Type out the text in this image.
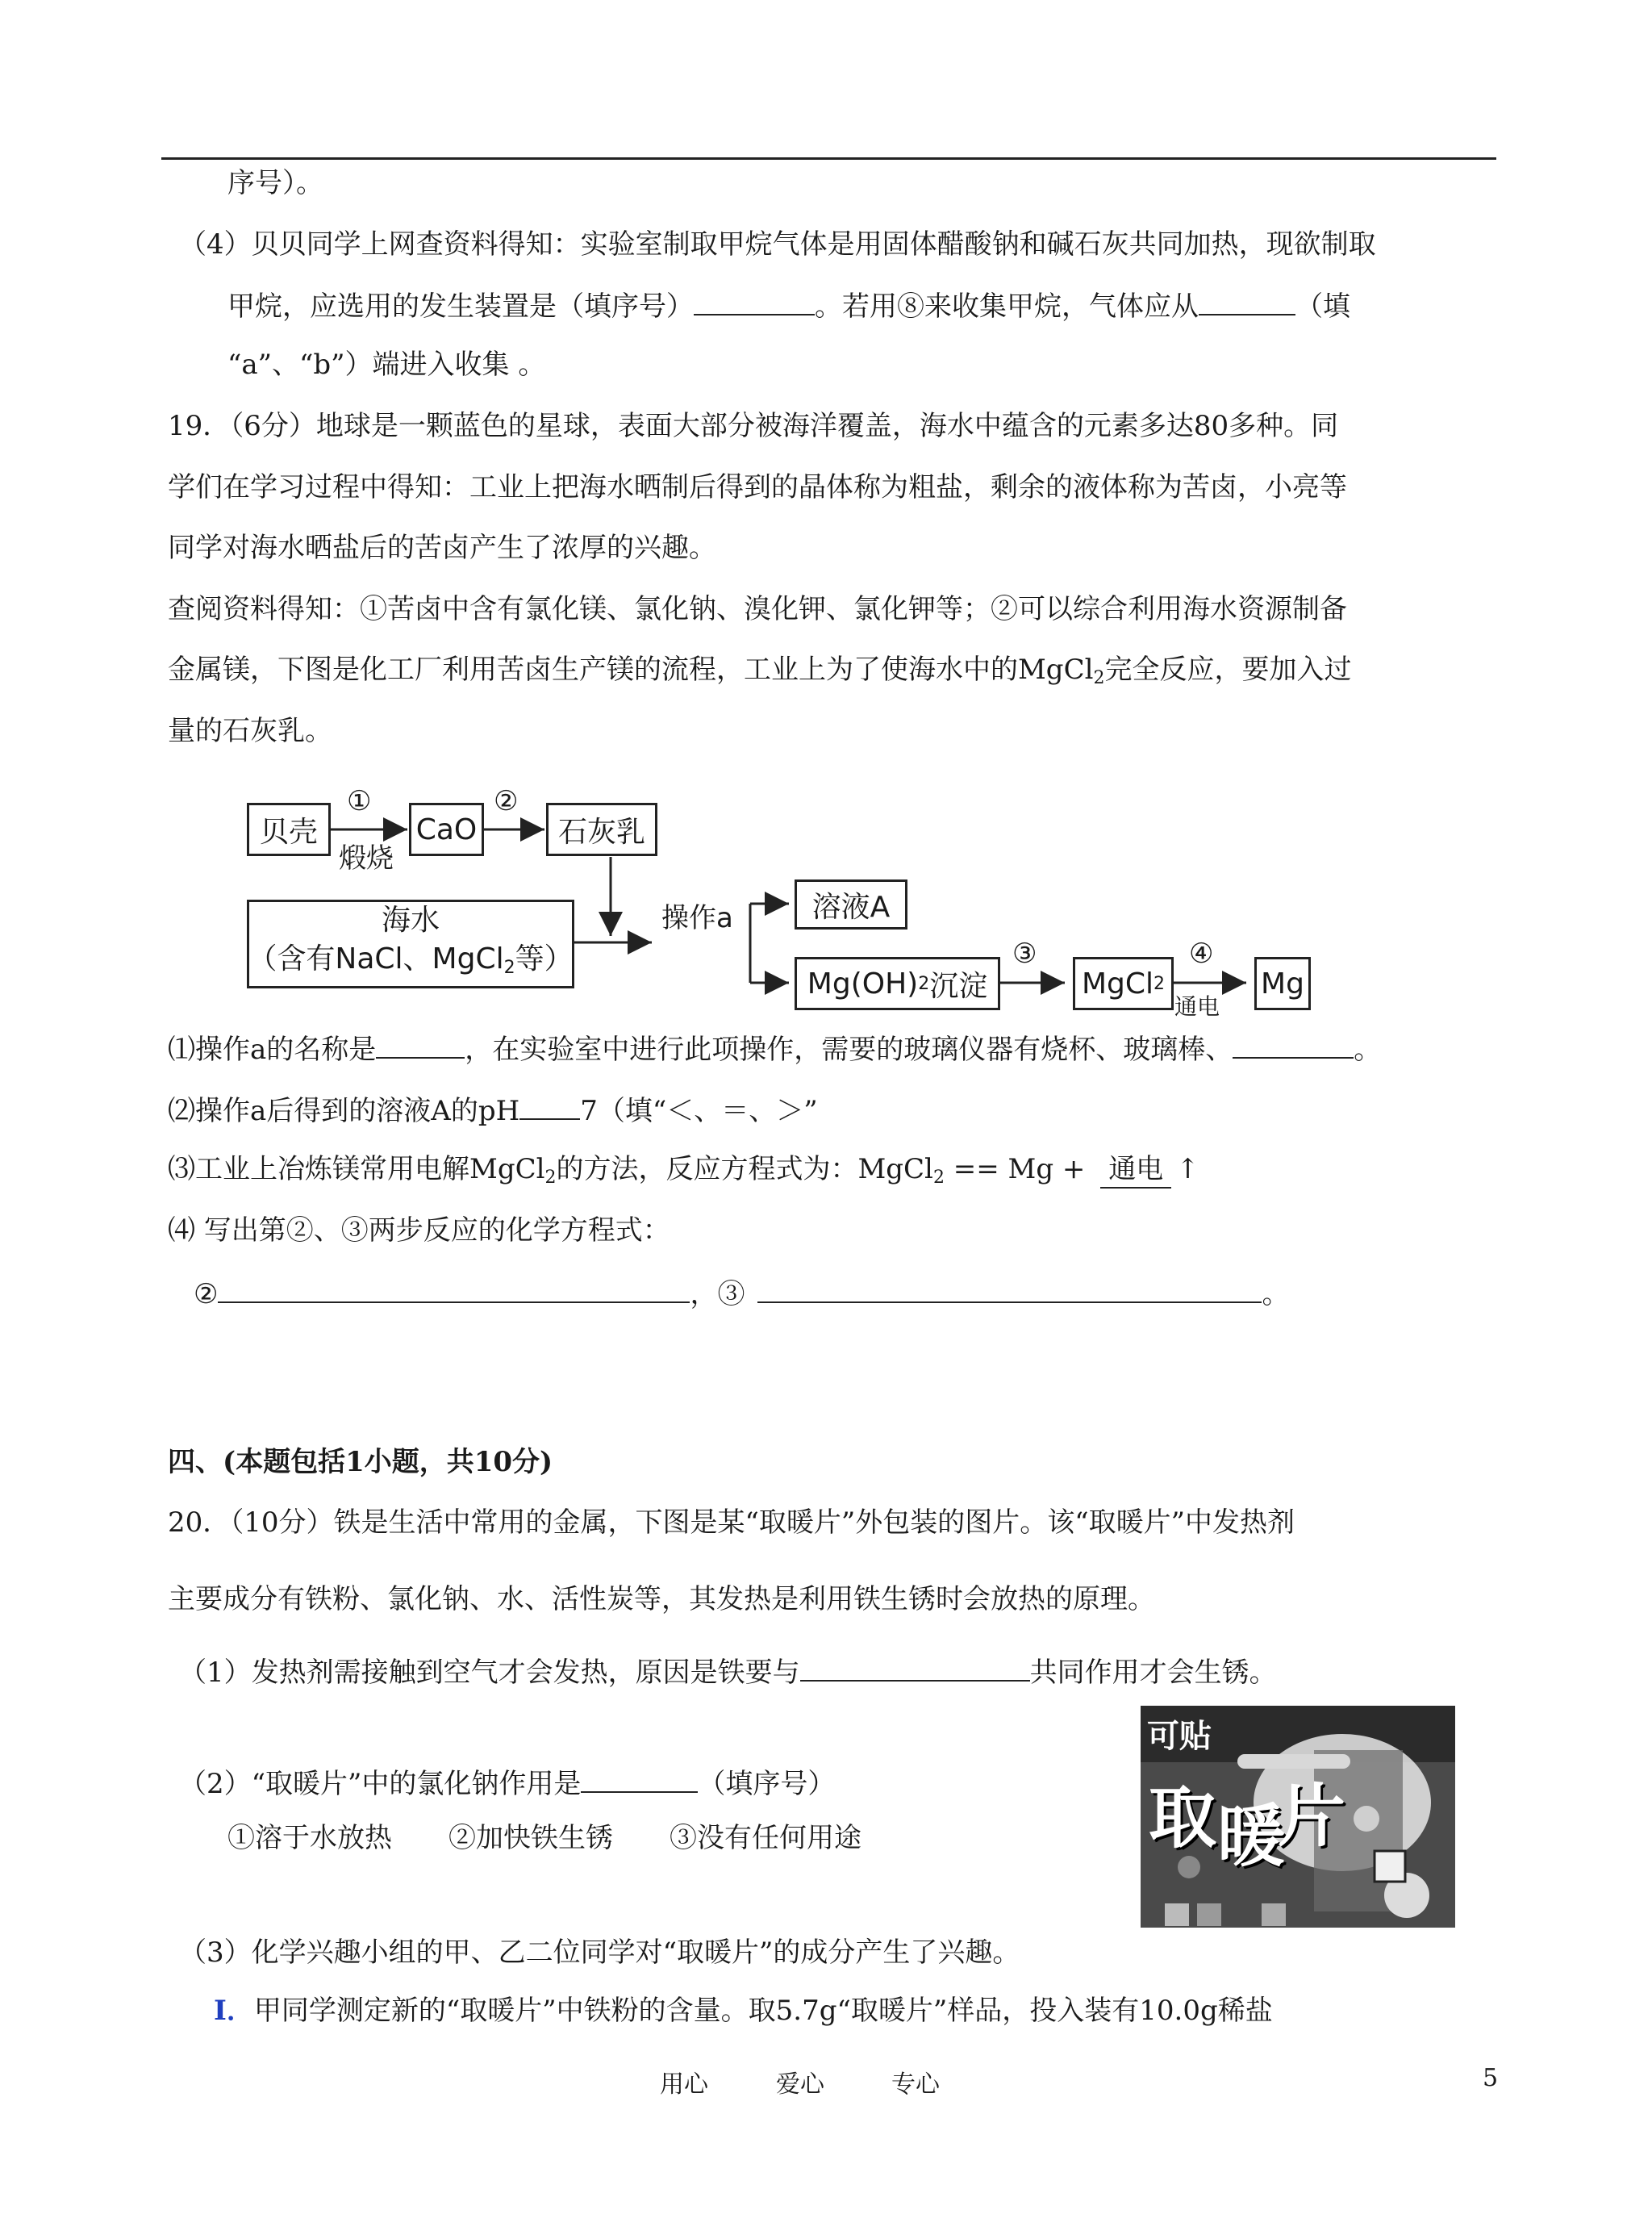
序号）。
（4）贝贝同学上网查资料得知：实验室制取甲烷气体是用固体醋酸钠和碱石灰共同加热，现欲制取
甲烷，应选用的发生装置是（填序号）	。若用⑧来收集甲烷，气体应从	（填
“a”、“b”）端进入收集 。
19．（6分）地球是一颗蓝色的星球，表面大部分被海洋覆盖，海水中蕴含的元素多达80多种。同
学们在学习过程中得知：工业上把海水晒制后得到的晶体称为粗盐，剩余的液体称为苦卤，小亮等
同学对海水晒盐后的苦卤产生了浓厚的兴趣。
查阅资料得知：①苦卤中含有氯化镁、氯化钠、溴化钾、氯化钾等；②可以综合利用海水资源制备
金属镁，下图是化工厂利用苦卤生产镁的流程，工业上为了使海水中的MgCl$_2$完全反应，要加入过
量的石灰乳。
贝壳
①
煅烧
CaO
②
石灰乳
海水
（含有NaCl、MgCl$_2$等）
操作a	溶液A
Mg(OH) 2 沉淀
③
MgCl 2
④
通电
Mg
⑴操作a的名称是	，在实验室中进行此项操作，需要的玻璃仪器有烧杯、玻璃棒、	。
⑵操作a后得到的溶液A的pH 7（填“＜、＝、＞”
⑶工业上冶炼镁常用电解MgCl$_2$的方法，反应方程式为：MgCl$_2$ == Mg + 通电 ↑
⑷ 写出第②、③两步反应的化学方程式：
②	，③	。
四、(本题包括1小题，共10分)
20．（10分）铁是生活中常用的金属，下图是某“取暖片”外包装的图片。该“取暖片”中发热剂
主要成分有铁粉、氯化钠、水、活性炭等，其发热是利用铁生锈时会放热的原理。
（1）发热剂需接触到空气才会发热，原因是铁要与	共同作用才会生锈。
（2）“取暖片”中的氯化钠作用是	（填序号）
①溶于水放热 ②加快铁生锈 ③没有任何用途
可贴
取 暖
片
（3）化学兴趣小组的甲、乙二位同学对“取暖片”的成分产生了兴趣。
Ⅰ．甲同学测定新的“取暖片”中铁粉的含量。取5.7g“取暖片”样品，投入装有10.0g稀盐
用心	爱心	专心	5
